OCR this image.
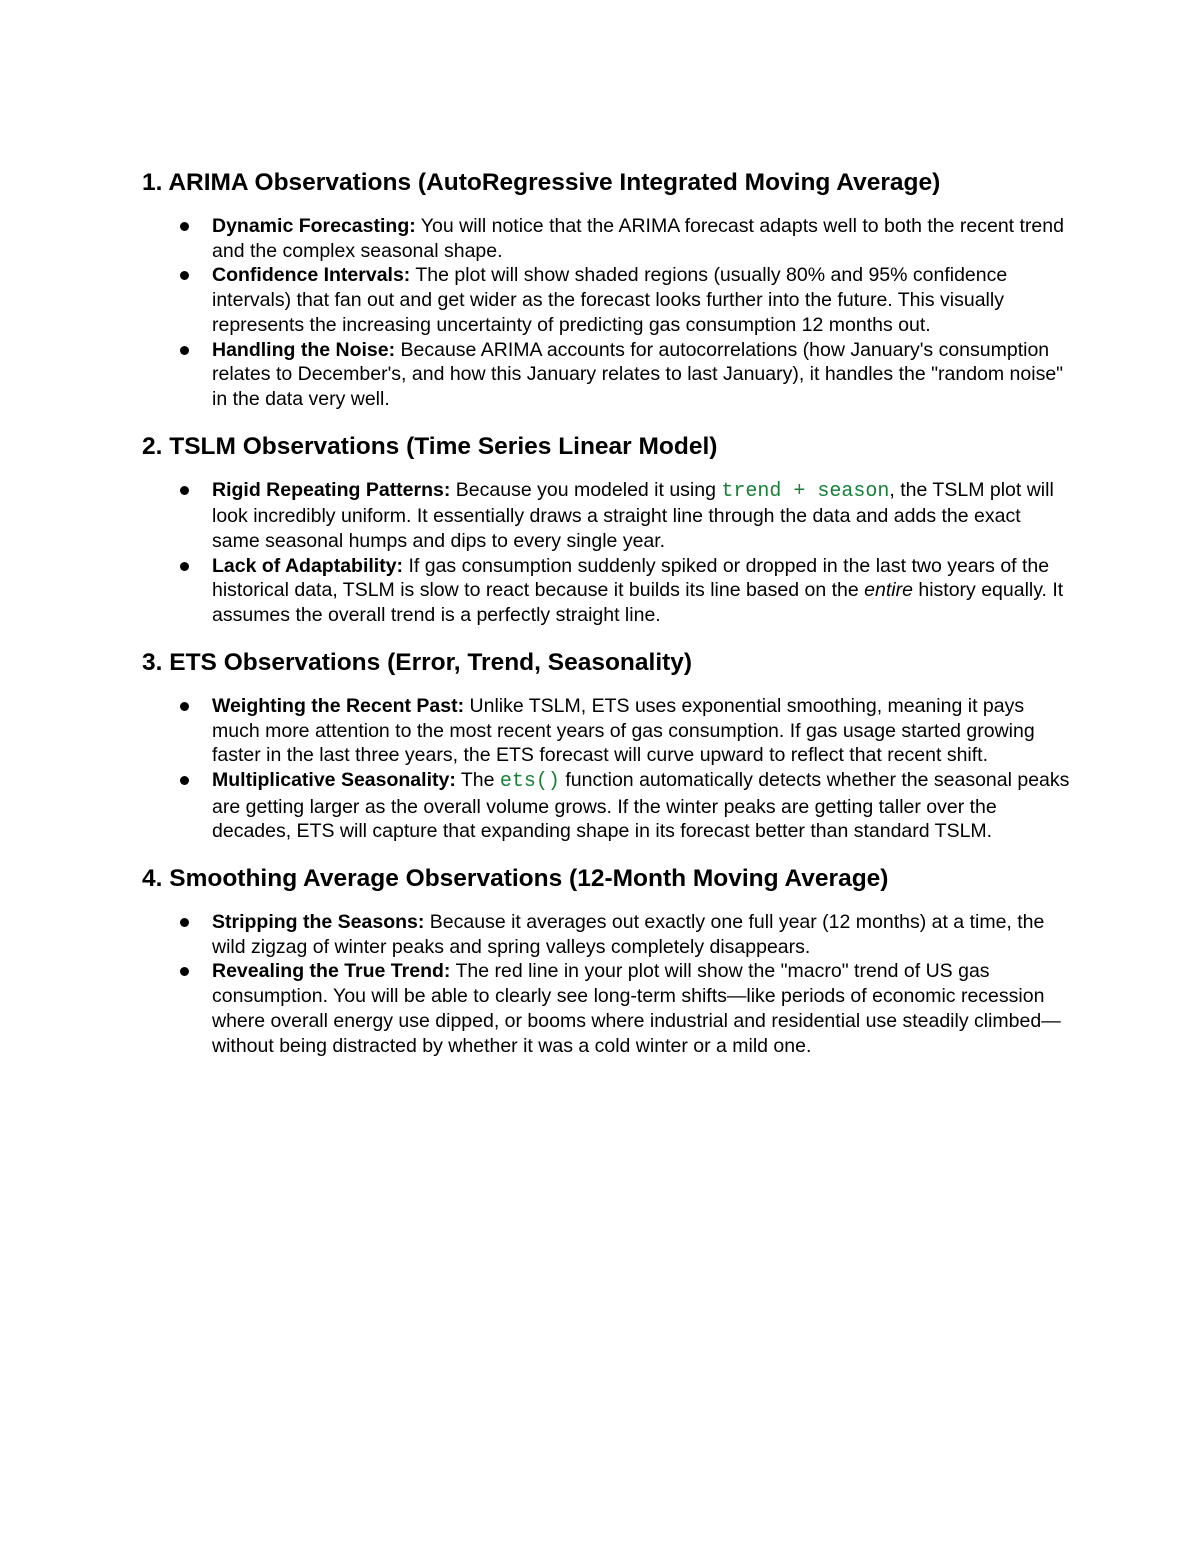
1. ARIMA Observations (AutoRegressive Integrated Moving Average)
Dynamic Forecasting: You will notice that the ARIMA forecast adapts well to both the recent trend and the complex seasonal shape.
Confidence Intervals: The plot will show shaded regions (usually 80% and 95% confidence intervals) that fan out and get wider as the forecast looks further into the future. This visually represents the increasing uncertainty of predicting gas consumption 12 months out.
Handling the Noise: Because ARIMA accounts for autocorrelations (how January's consumption relates to December's, and how this January relates to last January), it handles the "random noise" in the data very well.
2. TSLM Observations (Time Series Linear Model)
Rigid Repeating Patterns: Because you modeled it using trend + season, the TSLM plot will look incredibly uniform. It essentially draws a straight line through the data and adds the exact same seasonal humps and dips to every single year.
Lack of Adaptability: If gas consumption suddenly spiked or dropped in the last two years of the historical data, TSLM is slow to react because it builds its line based on the entire history equally. It assumes the overall trend is a perfectly straight line.
3. ETS Observations (Error, Trend, Seasonality)
Weighting the Recent Past: Unlike TSLM, ETS uses exponential smoothing, meaning it pays much more attention to the most recent years of gas consumption. If gas usage started growing faster in the last three years, the ETS forecast will curve upward to reflect that recent shift.
Multiplicative Seasonality: The ets() function automatically detects whether the seasonal peaks are getting larger as the overall volume grows. If the winter peaks are getting taller over the decades, ETS will capture that expanding shape in its forecast better than standard TSLM.
4. Smoothing Average Observations (12-Month Moving Average)
Stripping the Seasons: Because it averages out exactly one full year (12 months) at a time, the wild zigzag of winter peaks and spring valleys completely disappears.
Revealing the True Trend: The red line in your plot will show the "macro" trend of US gas consumption. You will be able to clearly see long-term shifts—like periods of economic recession where overall energy use dipped, or booms where industrial and residential use steadily climbed—without being distracted by whether it was a cold winter or a mild one.
